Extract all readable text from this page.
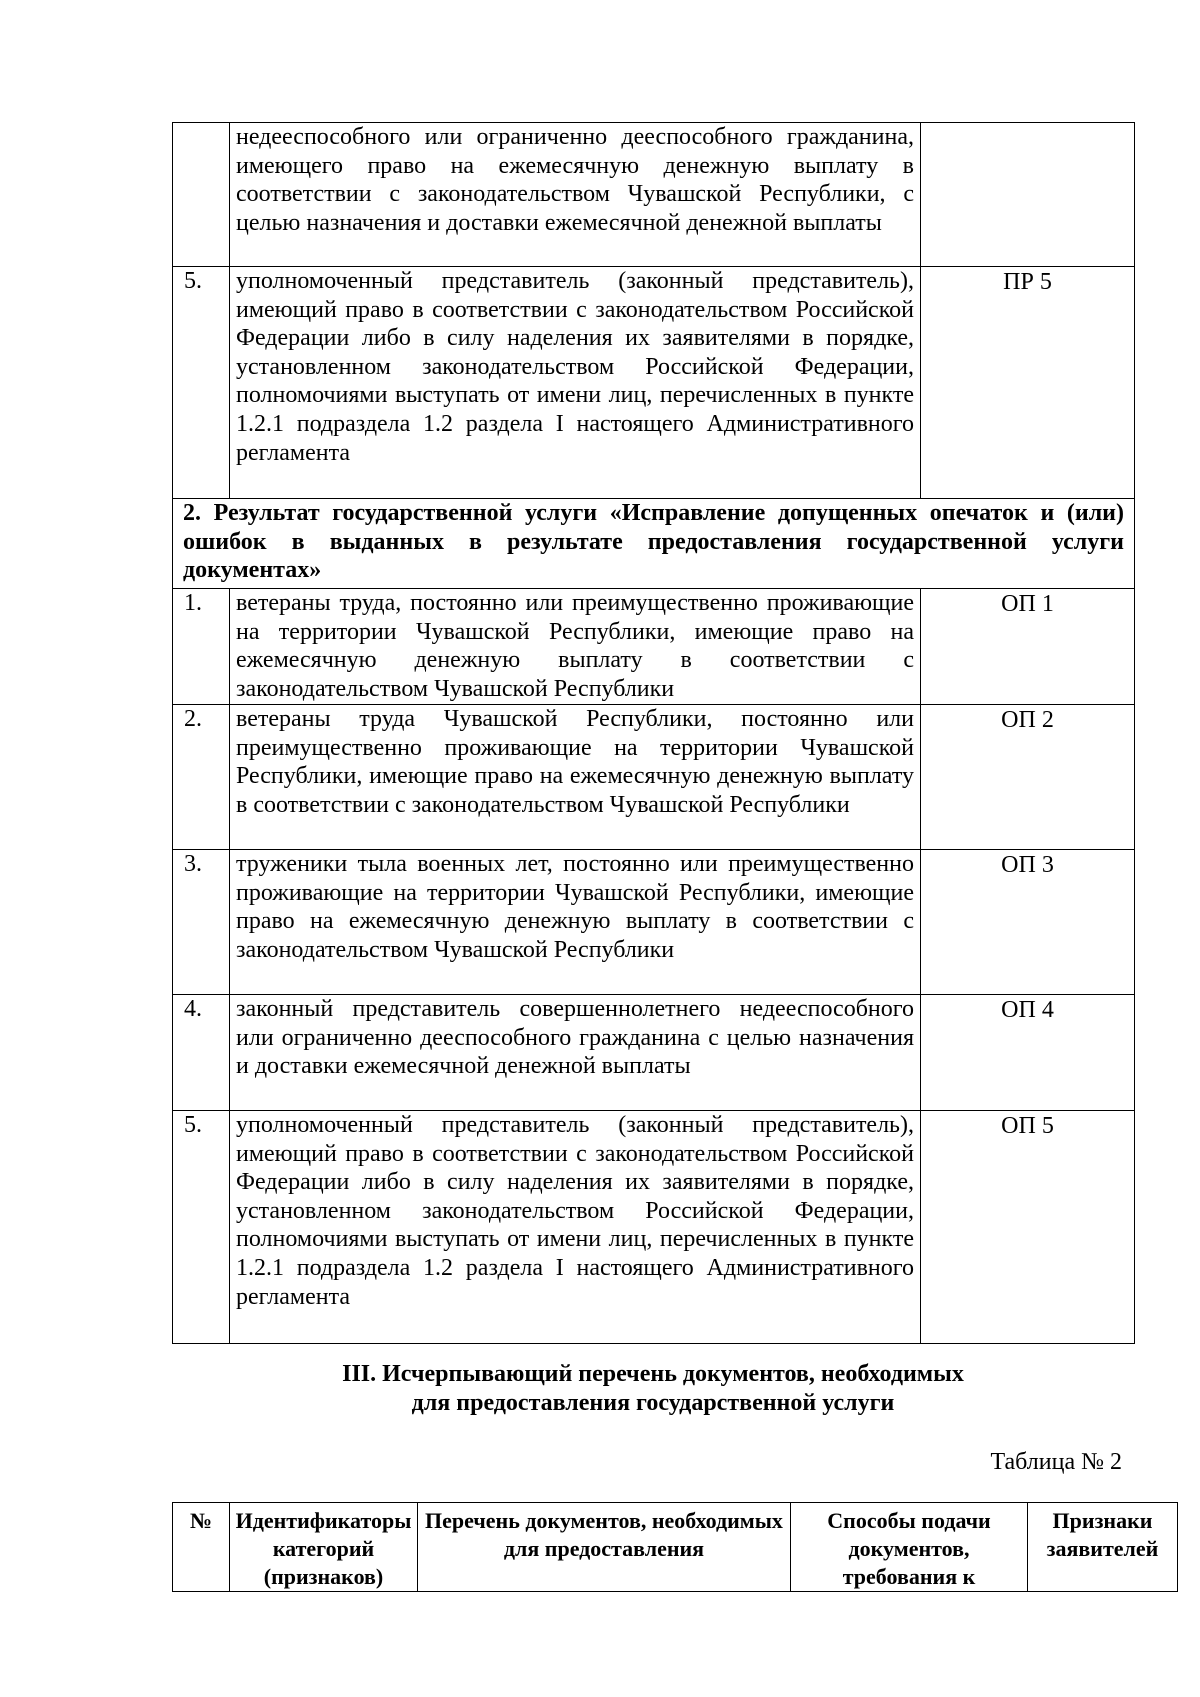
	недееспособного или ограниченно дееспособного гражданина, имеющего право на ежемесячную денежную выплату в соответствии с законодательством Чувашской Республики, с целью назначения и доставки ежемесячной денежной выплаты	
5.	уполномоченный представитель (законный представитель), имеющий право в соответствии с законодательством Российской Федерации либо в силу наделения их заявителями в порядке, установленном законодательством Российской Федерации, полномочиями выступать от имени лиц, перечисленных в пункте 1.2.1 подраздела 1.2 раздела I настоящего Административного регламента	ПР 5
2. Результат государственной услуги «Исправление допущенных опечаток и (или) ошибок в выданных в результате предоставления государственной услуги документах»		
1.	ветераны труда, постоянно или преимущественно проживающие на территории Чувашской Республики, имеющие право на ежемесячную денежную выплату в соответствии с законодательством Чувашской Республики	ОП 1
2.	ветераны труда Чувашской Республики, постоянно или преимущественно проживающие на территории Чувашской Республики, имеющие право на ежемесячную денежную выплату в соответствии с законодательством Чувашской Республики	ОП 2
3.	труженики тыла военных лет, постоянно или преимущественно проживающие на территории Чувашской Республики, имеющие право на ежемесячную денежную выплату в соответствии с законодательством Чувашской Республики	ОП 3
4.	законный представитель совершеннолетнего недееспособного или ограниченно дееспособного гражданина с целью назначения и доставки ежемесячной денежной выплаты	ОП 4
5.	уполномоченный представитель (законный представитель), имеющий право в соответствии с законодательством Российской Федерации либо в силу наделения их заявителями в порядке, установленном законодательством Российской Федерации, полномочиями выступать от имени лиц, перечисленных в пункте 1.2.1 подраздела 1.2 раздела I настоящего Административного регламента	ОП 5
III. Исчерпывающий перечень документов, необходимых
для предоставления государственной услуги
Таблица № 2
№	Идентификаторы категорий (признаков)	Перечень документов, необходимых для предоставления	Способы подачи документов, требования к	Признаки заявителей
